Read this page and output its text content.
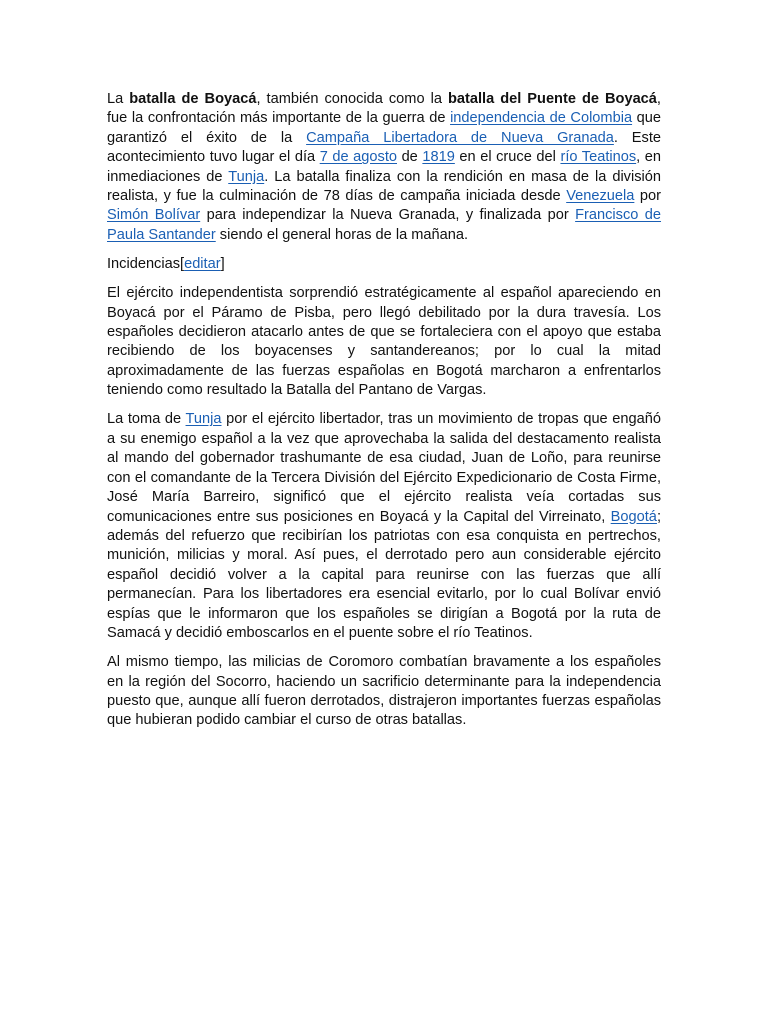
La batalla de Boyacá, también conocida como la batalla del Puente de Boyacá, fue la confrontación más importante de la guerra de independencia de Colombia que garantizó el éxito de la Campaña Libertadora de Nueva Granada. Este acontecimiento tuvo lugar el día 7 de agosto de 1819 en el cruce del río Teatinos, en inmediaciones de Tunja. La batalla finaliza con la rendición en masa de la división realista, y fue la culminación de 78 días de campaña iniciada desde Venezuela por Simón Bolívar para independizar la Nueva Granada, y finalizada por Francisco de Paula Santander siendo el general horas de la mañana.

Incidencias[editar]

El ejército independentista sorprendió estratégicamente al español apareciendo en Boyacá por el Páramo de Pisba, pero llegó debilitado por la dura travesía. Los españoles decidieron atacarlo antes de que se fortaleciera con el apoyo que estaba recibiendo de los boyacenses y santandereanos; por lo cual la mitad aproximadamente de las fuerzas españolas en Bogotá marcharon a enfrentarlos teniendo como resultado la Batalla del Pantano de Vargas.

La toma de Tunja por el ejército libertador, tras un movimiento de tropas que engañó a su enemigo español a la vez que aprovechaba la salida del destacamento realista al mando del gobernador trashumante de esa ciudad, Juan de Loño, para reunirse con el comandante de la Tercera División del Ejército Expedicionario de Costa Firme, José María Barreiro, significó que el ejército realista veía cortadas sus comunicaciones entre sus posiciones en Boyacá y la Capital del Virreinato, Bogotá; además del refuerzo que recibirían los patriotas con esa conquista en pertrechos, munición, milicias y moral. Así pues, el derrotado pero aun considerable ejército español decidió volver a la capital para reunirse con las fuerzas que allí permanecían. Para los libertadores era esencial evitarlo, por lo cual Bolívar envió espías que le informaron que los españoles se dirigían a Bogotá por la ruta de Samacá y decidió emboscarlos en el puente sobre el río Teatinos.

Al mismo tiempo, las milicias de Coromoro combatían bravamente a los españoles en la región del Socorro, haciendo un sacrificio determinante para la independencia puesto que, aunque allí fueron derrotados, distrajeron importantes fuerzas españolas que hubieran podido cambiar el curso de otras batallas.
